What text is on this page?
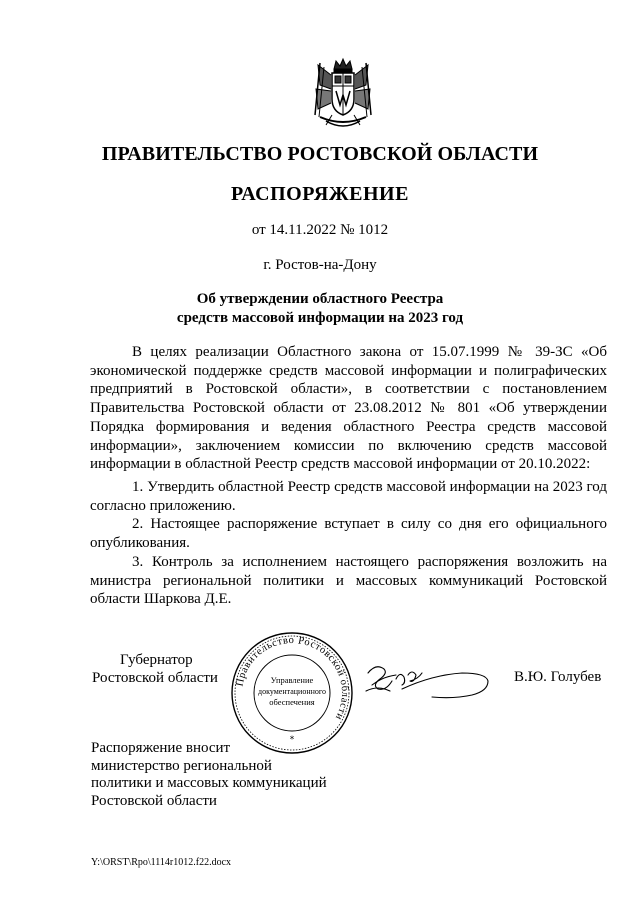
ПРАВИТЕЛЬСТВО РОСТОВСКОЙ ОБЛАСТИ
РАСПОРЯЖЕНИЕ
от 14.11.2022 № 1012
г. Ростов-на-Дону
Об утверждении областного Реестра
средств массовой информации на 2023 год

В целях реализации Областного закона от 15.07.1999 № 39-ЗС «Об экономической поддержке средств массовой информации и полиграфических предприятий в Ростовской области», в соответствии с постановлением Правительства Ростовской области от 23.08.2012 № 801 «Об утверждении Порядка формирования и ведения областного Реестра средств массовой информации», заключением комиссии по включению средств массовой информации в областной Реестр средств массовой информации от 20.10.2022:

1. Утвердить областной Реестр средств массовой информации на 2023 год согласно приложению.

2. Настоящее распоряжение вступает в силу со дня его официального опубликования.

3. Контроль за исполнением настоящего распоряжения возложить на министра региональной политики и массовых коммуникаций Ростовской области Шаркова Д.Е.

Губернатор
Ростовской области Правительство Ростовской области
Управление
документационного
обеспечения
*
В.Ю. Голубев
Распоряжение вносит
министерство региональной
политики и массовых коммуникаций
Ростовской области
Y:\ORST\Rpo\1114r1012.f22.docx
